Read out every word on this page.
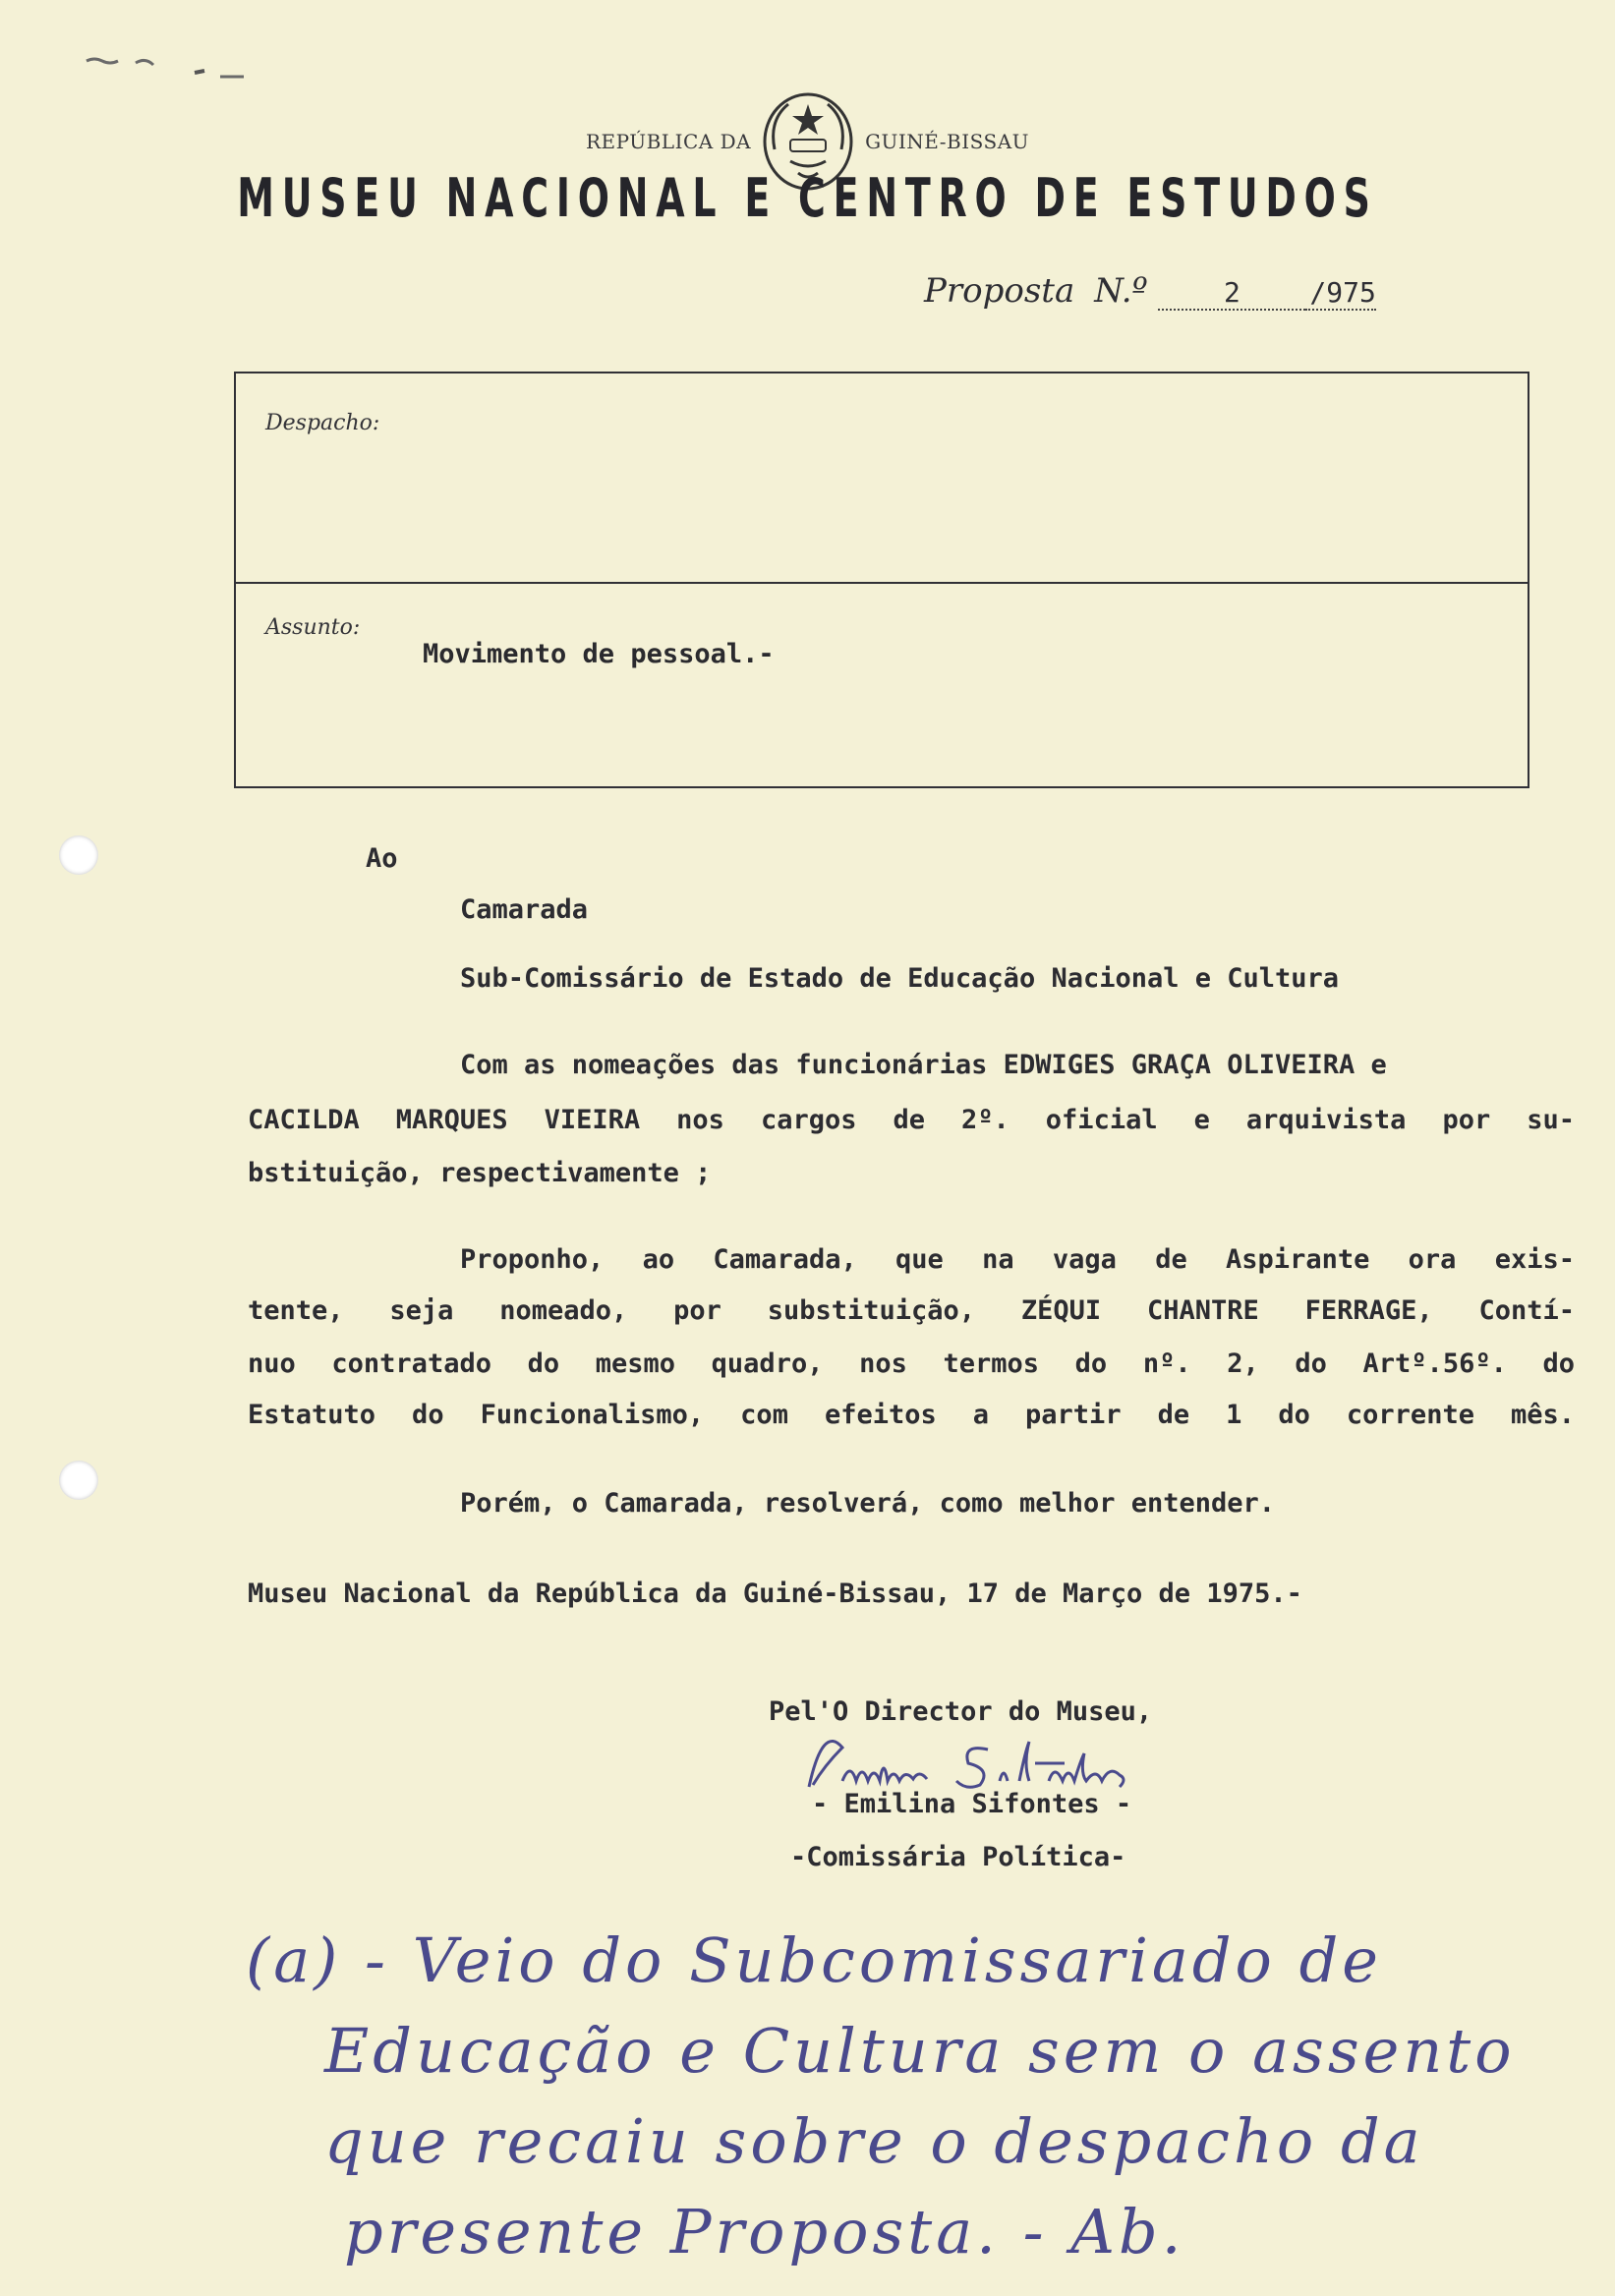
REPÚBLICA DA	GUINÉ-BISSAU
MUSEU NACIONAL E CENTRO DE ESTUDOS
Proposta N.º	2	/975
Despacho:
Assunto:
Movimento de pessoal.-
Ao
Camarada
Sub-Comissário de Estado de Educação Nacional e Cultura
Com as nomeações das funcionárias EDWIGES GRAÇA OLIVEIRA e
CACILDA MARQUES VIEIRA nos cargos de 2º. oficial e arquivista por su-
bstituição, respectivamente ;
Proponho, ao Camarada, que na vaga de Aspirante ora exis-
tente, seja nomeado, por substituição, ZÉQUI CHANTRE FERRAGE, Contí-
nuo contratado do mesmo quadro, nos termos do nº. 2, do Artº.56º. do
Estatuto do Funcionalismo, com efeitos a partir de 1 do corrente mês.
Porém, o Camarada, resolverá, como melhor entender.
Museu Nacional da República da Guiné-Bissau, 17 de Março de 1975.-
Pel'O Director do Museu,
- Emilina Sifontes -
-Comissária Política-
(a) - Veio do Subcomissariado de
Educação e Cultura sem o assento
que recaiu sobre o despacho da
presente Proposta. - Ab.
